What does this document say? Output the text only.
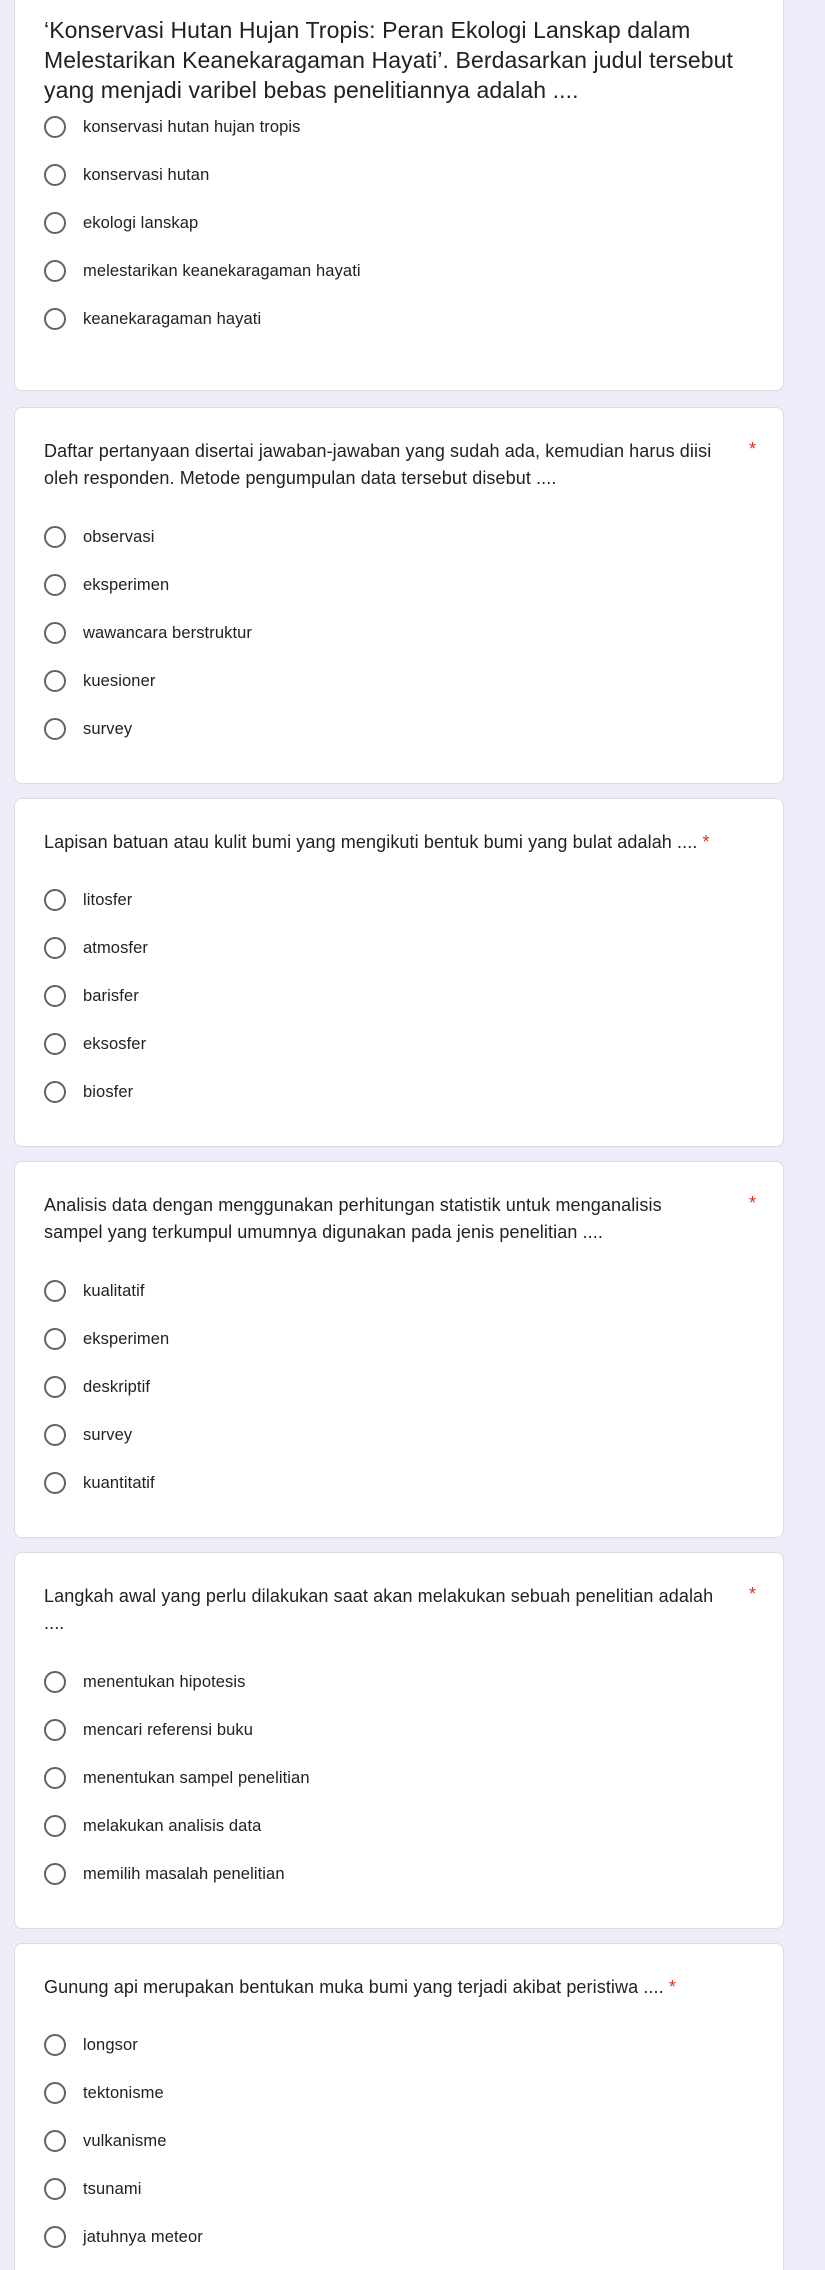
‘Konservasi Hutan Hujan Tropis: Peran Ekologi Lanskap dalam Melestarikan Keanekaragaman Hayati’. Berdasarkan judul tersebut yang menjadi varibel bebas penelitiannya adalah ....
konservasi hutan hujan tropis
konservasi hutan
ekologi lanskap
melestarikan keanekaragaman hayati
keanekaragaman hayati
Daftar pertanyaan disertai jawaban-jawaban yang sudah ada, kemudian harus diisi oleh responden. Metode pengumpulan data tersebut disebut ....
*
observasi
eksperimen
wawancara berstruktur
kuesioner
survey
Lapisan batuan atau kulit bumi yang mengikuti bentuk bumi yang bulat adalah .... *
litosfer
atmosfer
barisfer
eksosfer
biosfer
Analisis data dengan menggunakan perhitungan statistik untuk menganalisis sampel yang terkumpul umumnya digunakan pada jenis penelitian ....
*
kualitatif
eksperimen
deskriptif
survey
kuantitatif
Langkah awal yang perlu dilakukan saat akan melakukan sebuah penelitian adalah ....
*
menentukan hipotesis
mencari referensi buku
menentukan sampel penelitian
melakukan analisis data
memilih masalah penelitian
Gunung api merupakan bentukan muka bumi yang terjadi akibat peristiwa .... *
longsor
tektonisme
vulkanisme
tsunami
jatuhnya meteor
